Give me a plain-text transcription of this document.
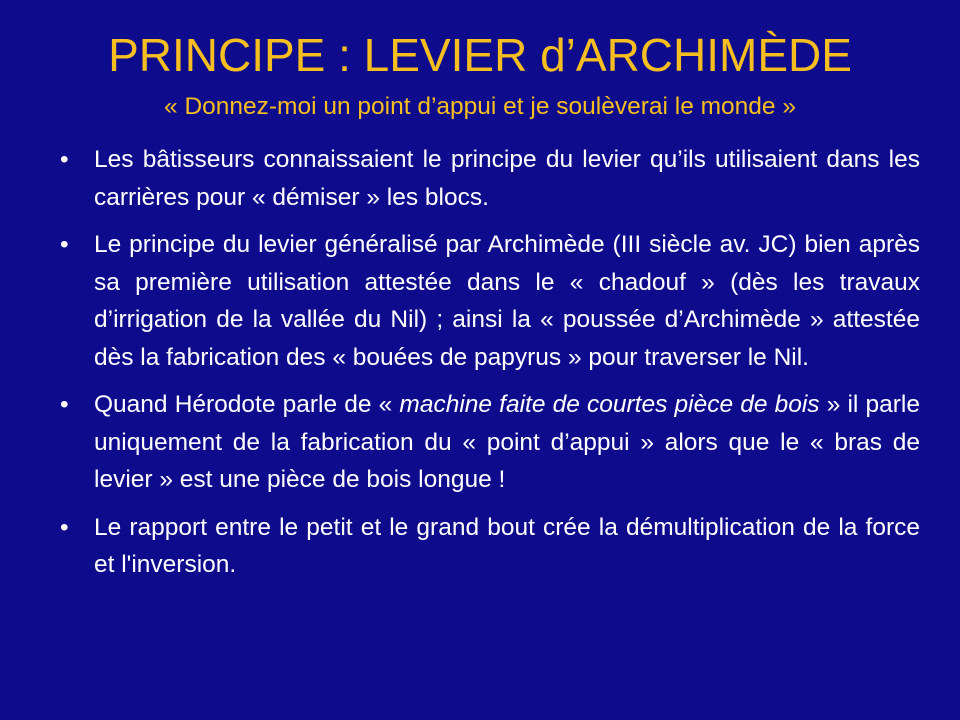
PRINCIPE : LEVIER d’ARCHIMÈDE

« Donnez-moi un point d’appui et je soulèverai le monde »

• Les bâtisseurs connaissaient le principe du levier qu’ils utilisaient dans les carrières pour « démiser » les blocs.
• Le principe du levier généralisé par Archimède (III siècle av. JC) bien après sa première utilisation attestée dans le « chadouf » (dès les travaux d’irrigation de la vallée du Nil) ; ainsi la « poussée d’Archimède » attestée dès la fabrication des « bouées de papyrus » pour traverser le Nil.
• Quand Hérodote parle de « machine faite de courtes pièce de bois » il parle uniquement de la fabrication du « point d’appui » alors que le « bras de levier » est une pièce de bois longue !
• Le rapport entre le petit et le grand bout crée la démultiplication de la force et l'inversion.
